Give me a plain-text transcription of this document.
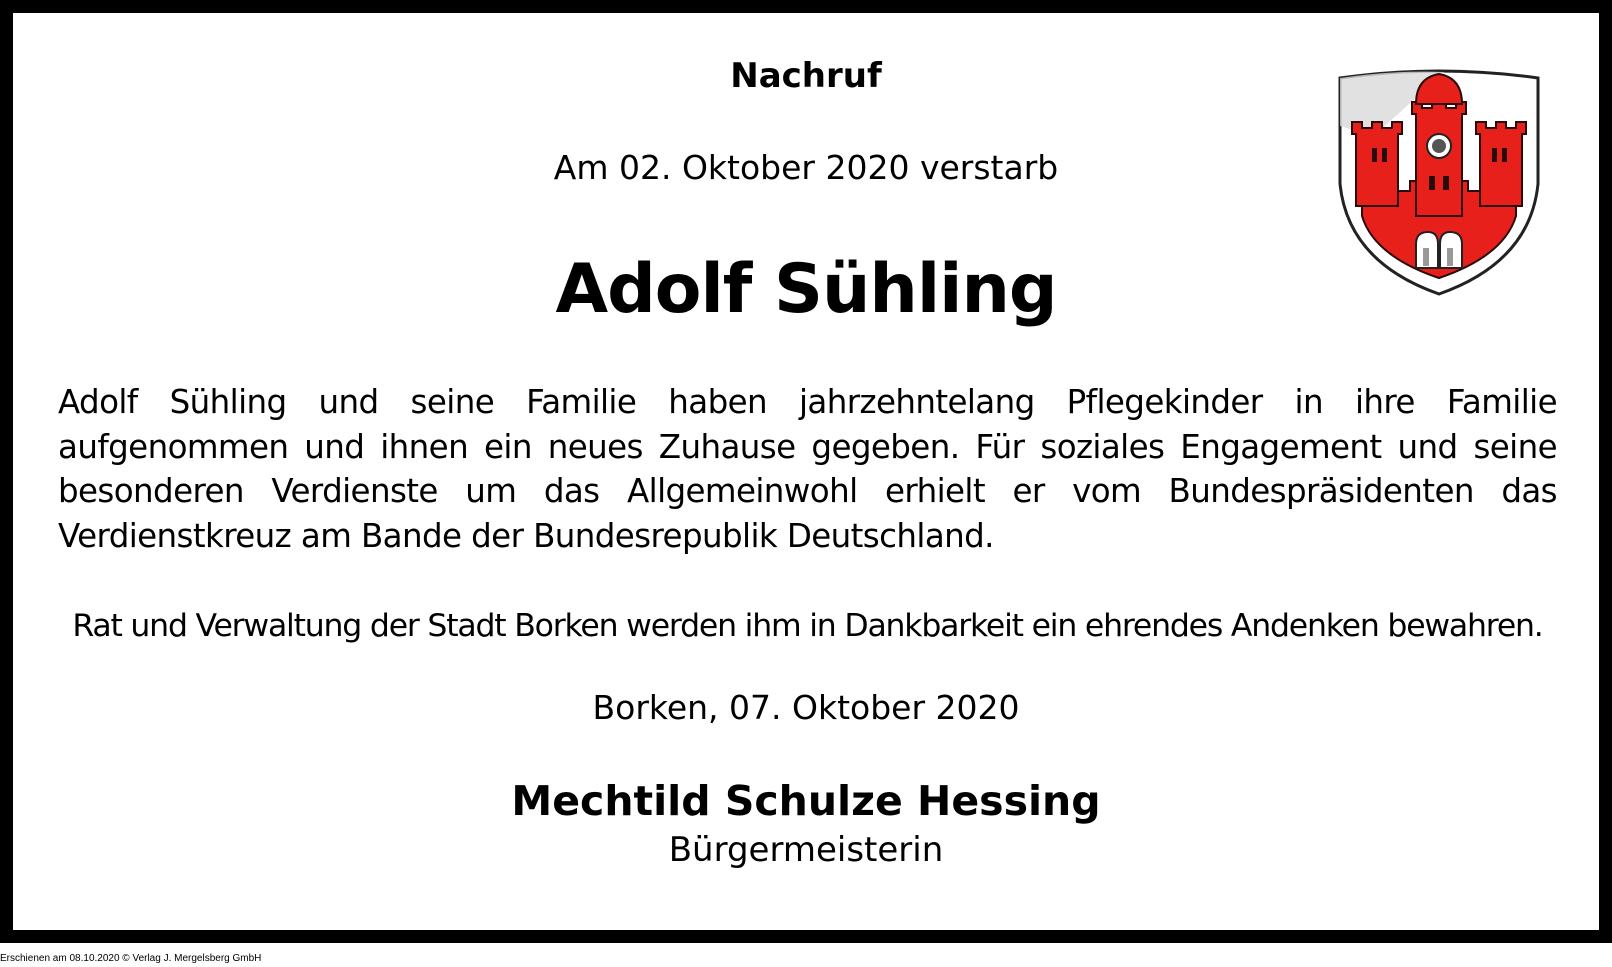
Nachruf
Am 02. Oktober 2020 verstarb
Adolf Sühling
Adolf Sühling und seine Familie haben jahrzehntelang Pflegekinder in ihre Familie aufgenommen und ihnen ein neues Zuhause gegeben. Für soziales Engagement und seine besonderen Verdienste um das Allgemeinwohl erhielt er vom Bundespräsidenten das Verdienstkreuz am Bande der Bundesrepublik Deutschland.
Rat und Verwaltung der Stadt Borken werden ihm in Dankbarkeit ein ehrendes Andenken bewahren.
Borken, 07. Oktober 2020
Mechtild Schulze Hessing
Bürgermeisterin
Erschienen am 08.10.2020 © Verlag J. Mergelsberg GmbH
